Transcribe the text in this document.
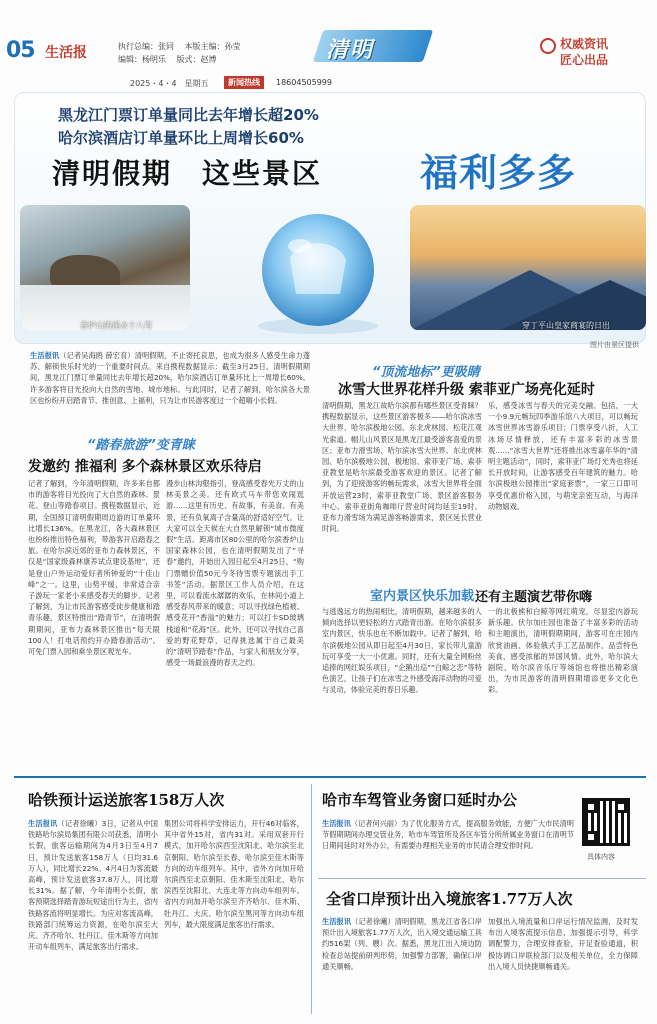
05 生活报	执行总编：张同 本版主编：孙莹
编辑：杨明乐 版式：赵博	清明	权威资讯
匠心出品
2025・4・4　星期五	新闻热线	18604505999
黑龙江门票订单量同比去年增长超20%
哈尔滨酒店订单量环比上周增长60%
清明假期　这些景区	福利多多
香炉山的溪水十八弯	穿丁平山皇家商宴的日出
图片由景区提供
生活报讯（记者吴海鸥 薛宏育）清明假期，不止寄托哀思，也成为很多人感受生命力蓬苏、解锁快乐时光的一个重要时间点。来自携程数据显示：截至3月25日，清明假期期间，黑龙江门票订单量同比去年增长超20%，哈尔滨酒店订单量环比上一周增长60%。许多游客将目光投向大自然的雪地、城市地标。与此同时，记者了解到，哈尔滨各大景区也纷纷开启踏青节、推创意、上福利，只为让市民游客度过一个超嗨小长假。
“踏春旅游”变青睐
发邀约 推福利 多个森林景区欢乐待启
记者了解到，今年清明假期，许多来自都市的游客将目光投向了大自然的森林、景花、登山等踏春项目。携程数据显示，近期，全国预订清明假期周边游的订单量环比增长136%。在黑龙江，各大森林景区也纷纷推出特色福利，带游客开启踏春之旅。在哈尔滨近郊的亚布力森林景区，不仅是“国家级森林康养试点建设基地”，还是登山户外运动爱好者所钟爱的“十佳山峰”之一。这里，山势平缓，非常适合亲子游玩一家老小来感受春天的脚步。记者了解到，为让市民游客感受徒步健康和踏青乐趣，景区特推出“踏青节”，在清明假期期间，亚布力森林景区推出“每天限100人！打电话预约开办踏春游活动”。可免门票入园和乘坐景区观光车。
漫步山林沟壑指引，登高感受春光万丈的山林美景之美。还有欧式马车带您欢闹逛游……这里有历史、有故事，有美食、有美景，还有负氧离子含量高的舒适好空气。让大家可以全天候在大自然里解锁“城市微度假”生活。距离市区80公里的哈尔滨香炉山国家森林公园，也在清明假期发出了“寻春”邀约，开始出入园日起至4月25日，“购门票赠价值50元今冬待雪票专题演出手工书签”活动。据景区工作人员介绍，在这里，可以看流水潺潺的欢乐，在林间小道上感受春风带来的暖意；可以寻找绿色植被、感受花开“香溢”的魅力；可以打卡SD玻璃栈道和“花海”区。此外，还可以寻找自己喜爱的野花野草，记得挑选属于自己最美的“清明节踏春”作品，与家人和朋友分享，感受一场最浪漫的春天之约。
“顶流地标”更吸睛
冰雪大世界花样升级 索菲亚广场亮化延时
清明假期，黑龙江故哈尔滨都有哪些景区受青睐？携程数据显示，这些景区游客极多——哈尔滨冰雪大世界、哈尔滨极地公园、东北虎林园、松花江观光索道、帽儿山风景区是黑龙江最受游客喜爱的景区；亚布力滑雪场、哈尔滨冰雪大世界、东北虎林园、哈尔滨极地公园，极地馆、索菲亚广场、索菲亚教堂是哈尔滨最受游客欢迎的景区。记者了解到，为了迎接游客的畅玩需求，冰雪大世界将全面开放运营23时，索菲亚教堂广场、景区游客服务中心、索菲亚街角咖啡厅营业时间均延至19时。亚布力滑雪场为满足游客畅游需求，景区延长营业时间。
乐，感受冰雪与春天的完美交融。包括，一大一小9.9元畅玩四季游乐馆八大项目，可以畅玩冰雪世界冰雪游乐项目；门票享受八折，人工冰场尽情释放，还有丰富多彩的冰雪景观……“冰雪大世界”还将推出冰雪嘉年华的“清明主题活动”，同时，索菲亚广场灯光秀也将延长开放时间，让游客感受百年建筑的魅力。哈尔滨极地公园推出“家庭套票”，一家三口即可享受优惠价格入园，与萌宠亲密互动，与海洋动物嬉戏。
室内景区快乐加载 还有主题演艺带你嗨
与逃逸远方的热闹相比，清明假期，越来越多的人倾向选择以更轻松的方式踏青出游。在哈尔滨很多室内景区，快乐也在不断加载中。记者了解到，哈尔滨极地公园从即日起至4月30日，家长带儿童游玩可享受一大一小优惠。同时，还有大量全网粉丝追捧的网红娱乐项目，“企鹅出巡”“白鲸之恋”等特色演艺，让孩子们在冰雪之外感受海洋动物的可爱与灵动，体验完美的春日乐趣。
一的北极熊和白鲸等网红萌宠，尽显室内游玩新乐趣。伏尔加庄园也准备了丰富多彩的活动和主题演出，清明假期期间，游客可在庄园内欣赏油画、体验俄式手工艺品制作、品尝特色美食，感受浓郁的异国风情。此外，哈尔滨大剧院、哈尔滨音乐厅等场馆也将推出精彩演出，为市民游客的清明假期增添更多文化色彩。
哈铁预计运送旅客158万人次
生活报讯（记者徐曦）3日，记者从中国铁路哈尔滨局集团有限公司获悉，清明小长假，旅客运输期间为4月3日至4月7日，预计发送旅客158万人（日均31.6万人），同比增长22%。4月4日为客流最高峰，预计发送旅客37.8万人，同比增长31%。据了解，今年清明小长假，旅客预期选择踏青游玩短途出行为主，省内铁路客流将明显增长。为应对客流高峰，铁路部门统筹运力资源，在哈尔滨至大庆、齐齐哈尔、牡丹江、佳木斯等方向加开动车组列车，满足旅客出行需求。
集团公司将科学安排运力，开行46对临客，其中省外15对，省内31对。采用双套开行模式，加开哈尔滨西至沈阳北、哈尔滨至北京朝阳、哈尔滨至长春、哈尔滨至佳木斯等方向的动车组列车。其中，省外方向加开哈尔滨西至北京朝阳、佳木斯至沈阳北、哈尔滨西至沈阳北、大连北等方向动车组列车。省内方向加开哈尔滨至齐齐哈尔、佳木斯、牡丹江、大庆、哈尔滨至黑河等方向动车组列车，最大限度满足旅客出行需求。
哈市车驾管业务窗口延时办公
生活报讯（记者何兴丽）为了优化服务方式，提高服务效能，方便广大市民清明节假期期间办理交管业务，哈市车驾管所及各区车管分所所属业务窗口在清明节日期间延时对外办公，有需要办理相关业务的市民请合理安排时间。
具体内容
全省口岸预计出入境旅客1.77万人次
生活报讯（记者徐曦）清明假期，黑龙江省各口岸预计出入境旅客1.77万人次，出入境交通运输工具约516架（列、艘）次。据悉，黑龙江出入境边防检查总站提前研判形势，加强警力部署，确保口岸通关顺畅。
加强出入境流量和口岸运行情况监测，及时发布出入境客流提示信息，加强提示引导，科学调配警力，合理安排查验，开足查验通道，积极协调口岸联检部门以及相关单位，全力保障出入境人员快捷顺畅通关。
